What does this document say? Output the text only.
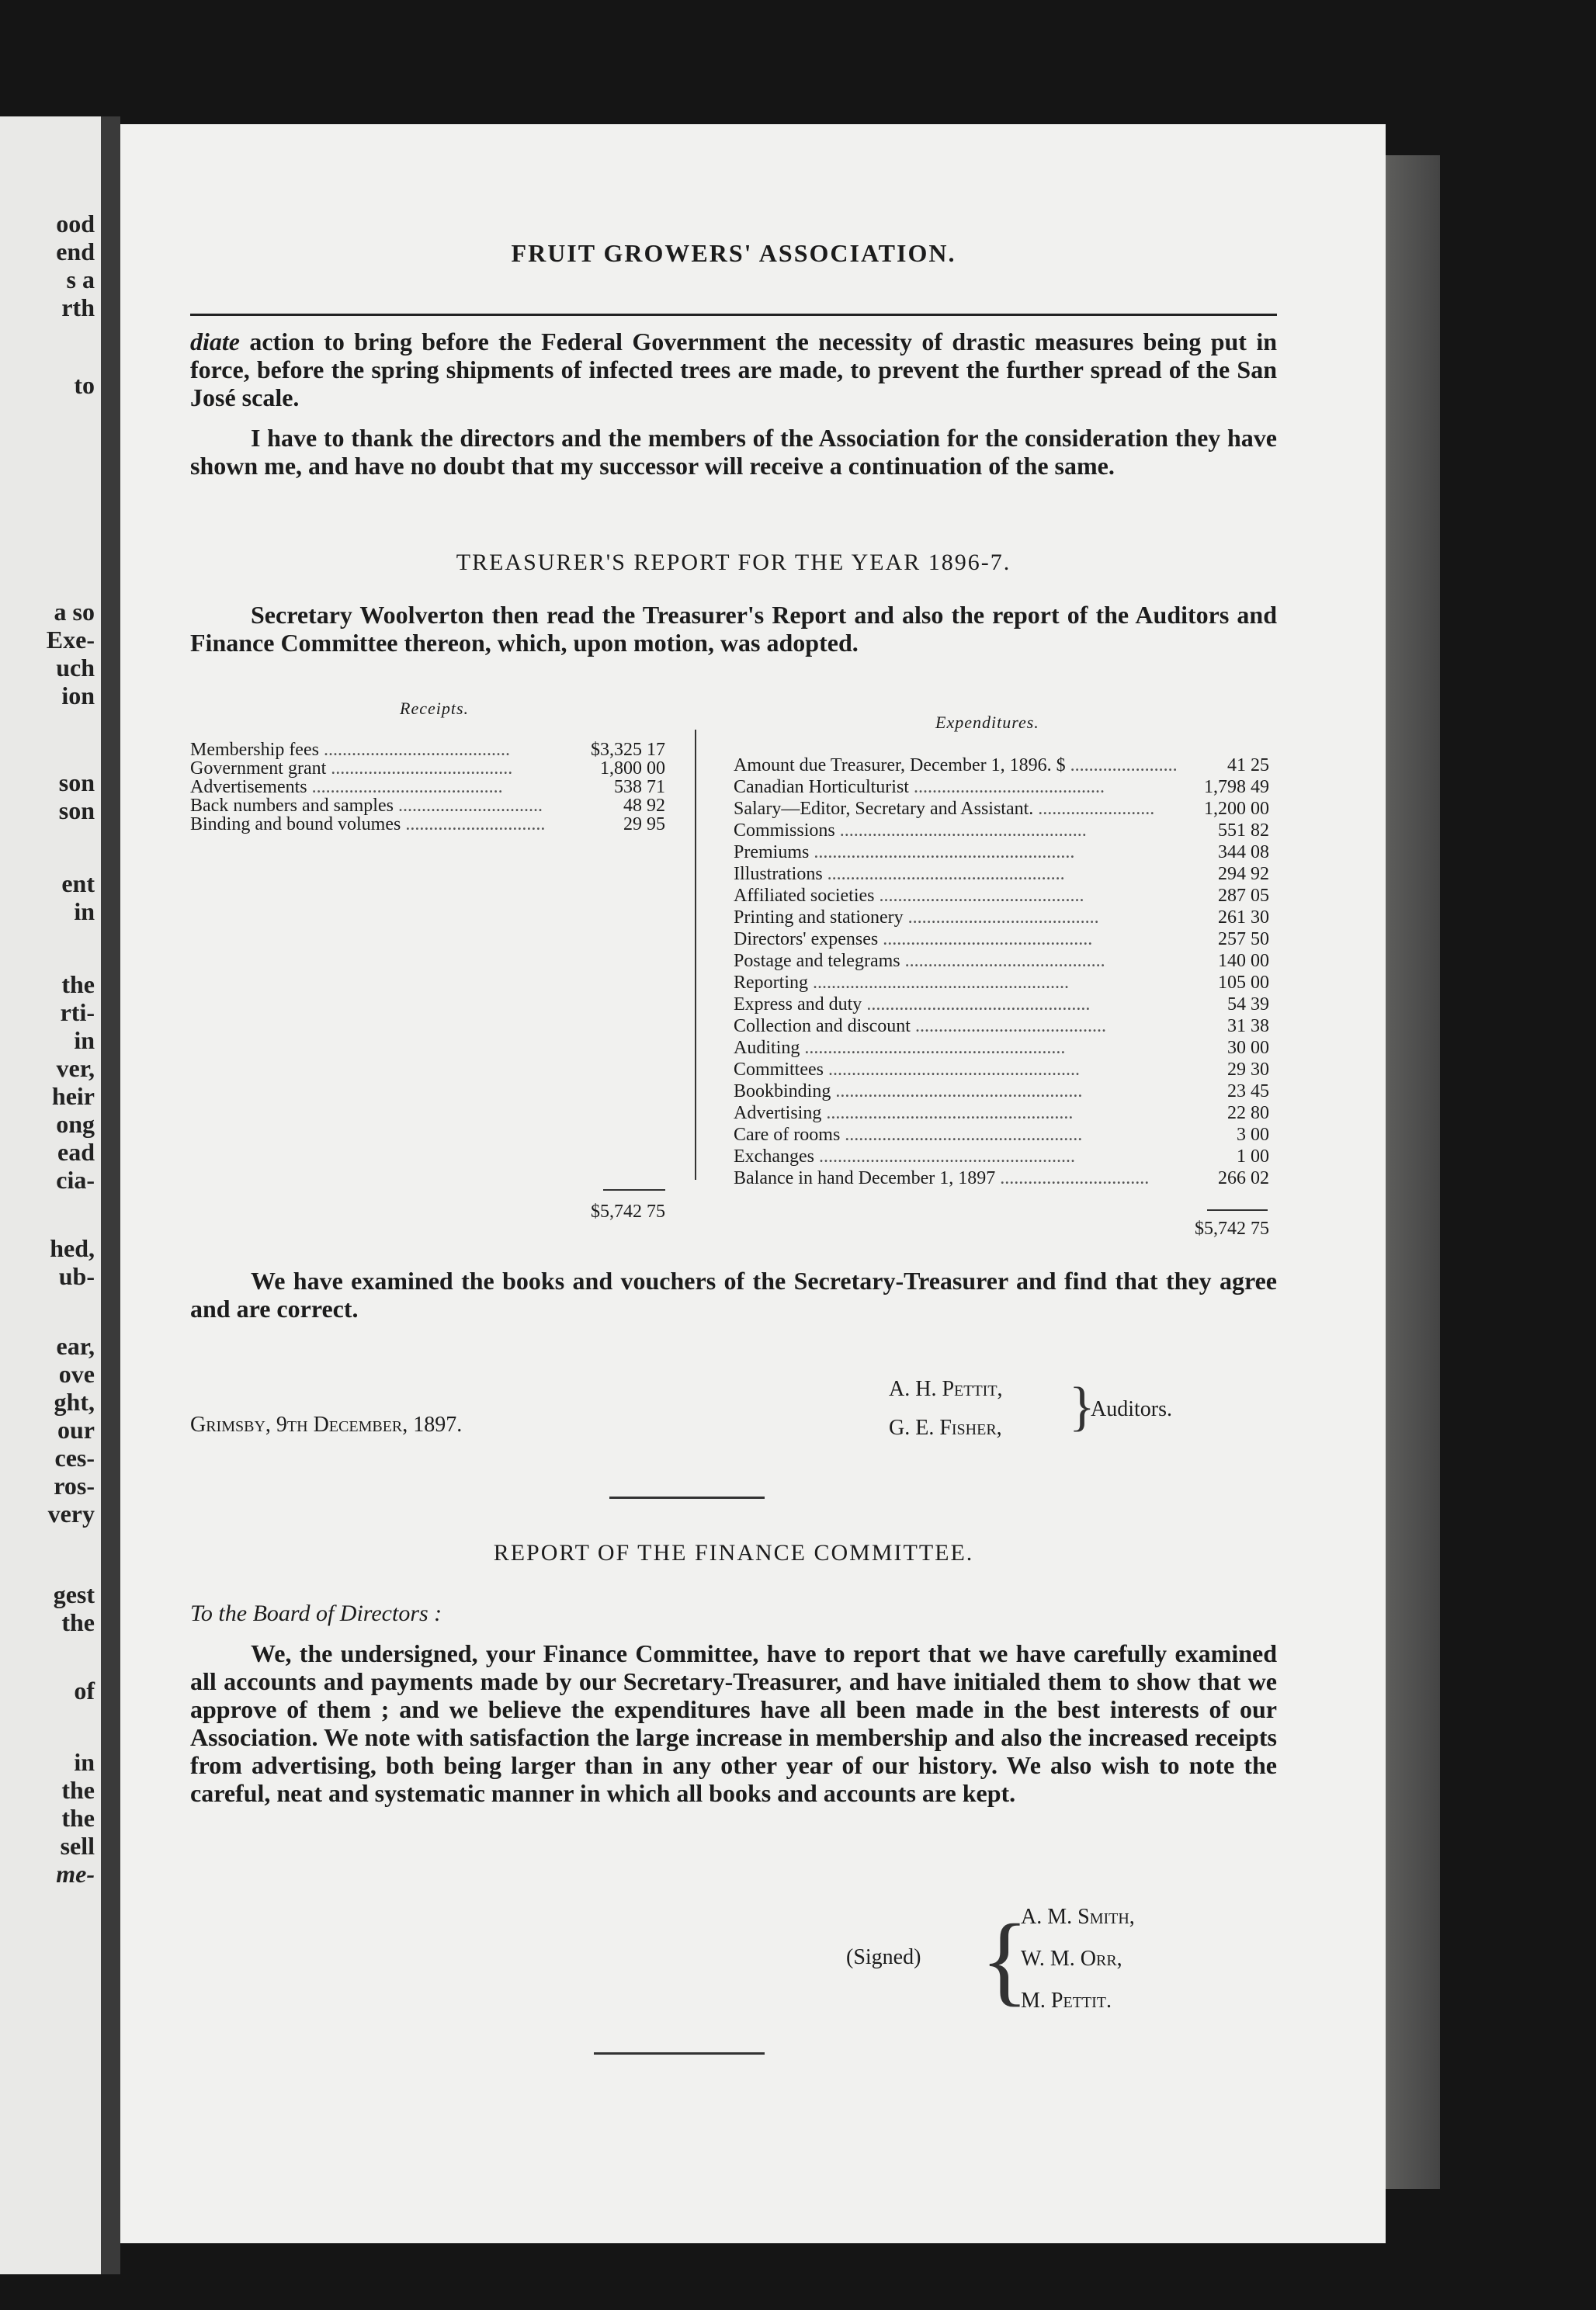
ood
end
s a
rth
to
a so
Exe-
uch
ion
son
son
ent
in
the
rti-
in
ver,
heir
ong
ead
cia-
hed,
ub-
ear,
ove
ght,
our
ces-
ros-
very
gest
the
of
in
the
the
sell
me-
FRUIT GROWERS' ASSOCIATION.
diate action to bring before the Federal Government the necessity of drastic measures being put in force, before the spring shipments of infected trees are made, to prevent the further spread of the San José scale.
I have to thank the directors and the members of the Association for the consideration they have shown me, and have no doubt that my successor will receive a continuation of the same.
TREASURER'S REPORT FOR THE YEAR 1896-7.
Secretary Woolverton then read the Treasurer's Report and also the report of the Auditors and Finance Committee thereon, which, upon motion, was adopted.
Receipts.
Membership fees ........................................	$3,325 17
Government grant .......................................	1,800 00
Advertisements .........................................	538 71
Back numbers and samples ...............................	48 92
Binding and bound volumes ..............................	29 95
$5,742 75
Expenditures.
Amount due Treasurer, December 1, 1896. $ .......................	41 25
Canadian Horticulturist .........................................	1,798 49
Salary—Editor, Secretary and Assistant. .........................	1,200 00
Commissions .....................................................	551 82
Premiums ........................................................	344 08
Illustrations ...................................................	294 92
Affiliated societies ............................................	287 05
Printing and stationery .........................................	261 30
Directors' expenses .............................................	257 50
Postage and telegrams ...........................................	140 00
Reporting .......................................................	105 00
Express and duty ................................................	54 39
Collection and discount .........................................	31 38
Auditing ........................................................	30 00
Committees ......................................................	29 30
Bookbinding .....................................................	23 45
Advertising .....................................................	22 80
Care of rooms ...................................................	3 00
Exchanges .......................................................	1 00
Balance in hand December 1, 1897 ................................	266 02
$5,742 75
We have examined the books and vouchers of the Secretary-Treasurer and find that they agree and are correct.
Grimsby, 9th December, 1897.
A. H. Pettit,
G. E. Fisher, }
Auditors.
REPORT OF THE FINANCE COMMITTEE.
To the Board of Directors :
We, the undersigned, your Finance Committee, have to report that we have carefully examined all accounts and payments made by our Secretary-Treasurer, and have initialed them to show that we approve of them ; and we believe the expenditures have all been made in the best interests of our Association. We note with satisfaction the large increase in membership and also the increased receipts from advertising, both being larger than in any other year of our history. We also wish to note the careful, neat and systematic manner in which all books and accounts are kept.
(Signed) {
A. M. Smith,
W. M. Orr,
M. Pettit.
